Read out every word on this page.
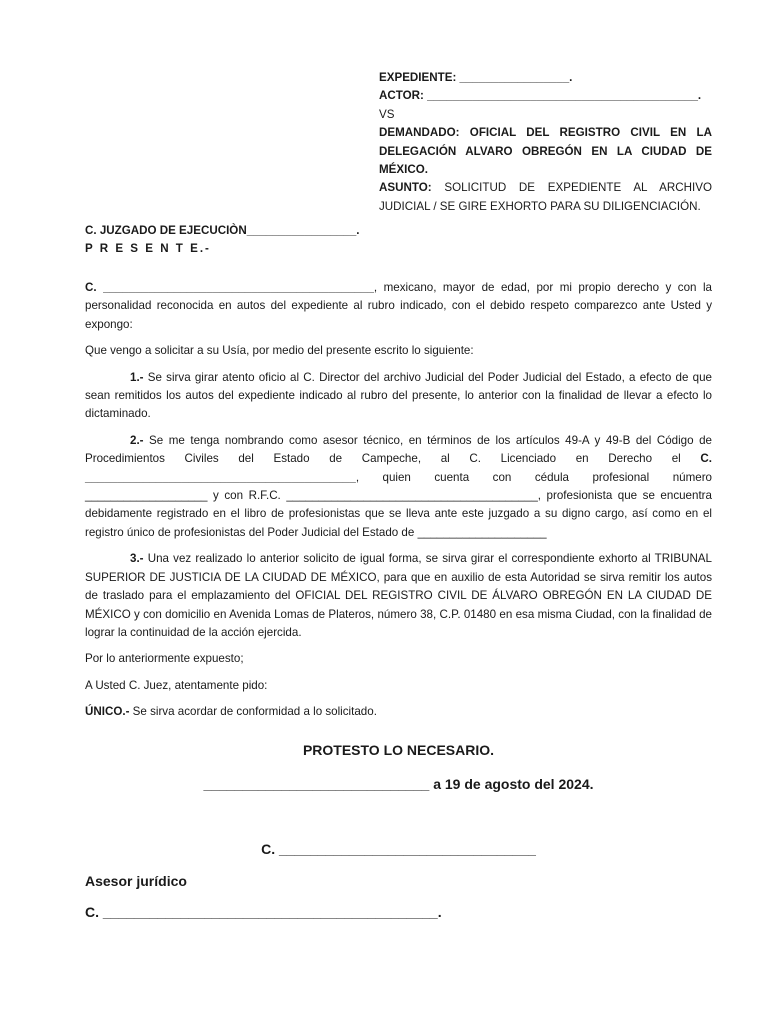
EXPEDIENTE: _________________.
ACTOR: __________________________________________.
VS
DEMANDADO: OFICIAL DEL REGISTRO CIVIL EN LA DELEGACIÓN ALVARO OBREGÓN EN LA CIUDAD DE MÉXICO.
ASUNTO: SOLICITUD DE EXPEDIENTE AL ARCHIVO JUDICIAL / SE GIRE EXHORTO PARA SU DILIGENCIACIÓN.
C. JUZGADO DE EJECUCIÒN_________________.
P R E S E N T E.-

C. __________________________________________, mexicano, mayor de edad, por mi propio derecho y con la personalidad reconocida en autos del expediente al rubro indicado, con el debido respeto comparezco ante Usted y expongo:

Que vengo a solicitar a su Usía, por medio del presente escrito lo siguiente:

1.- Se sirva girar atento oficio al C. Director del archivo Judicial del Poder Judicial del Estado, a efecto de que sean remitidos los autos del expediente indicado al rubro del presente, lo anterior con la finalidad de llevar a efecto lo dictaminado.

2.- Se me tenga nombrando como asesor técnico, en términos de los artículos 49-A y 49-B del Código de Procedimientos Civiles del Estado de Campeche, al C. Licenciado en Derecho el C. __________________________________________, quien cuenta con cédula profesional número ___________________ y con R.F.C. _______________________________________, profesionista que se encuentra debidamente registrado en el libro de profesionistas que se lleva ante este juzgado a su digno cargo, así como en el registro único de profesionistas del Poder Judicial del Estado de ____________________

3.- Una vez realizado lo anterior solicito de igual forma, se sirva girar el correspondiente exhorto al TRIBUNAL SUPERIOR DE JUSTICIA DE LA CIUDAD DE MÉXICO, para que en auxilio de esta Autoridad se sirva remitir los autos de traslado para el emplazamiento del OFICIAL DEL REGISTRO CIVIL DE ÁLVARO OBREGÓN EN LA CIUDAD DE MÉXICO y con domicilio en Avenida Lomas de Plateros, número 38, C.P. 01480 en esa misma Ciudad, con la finalidad de lograr la continuidad de la acción ejercida.

Por lo anteriormente expuesto;

A Usted C. Juez, atentamente pido:

ÚNICO.- Se sirva acordar de conformidad a lo solicitado.

PROTESTO LO NECESARIO.
_____________________________ a 19 de agosto del 2024.
C. _________________________________
Asesor jurídico
C. ___________________________________________.
